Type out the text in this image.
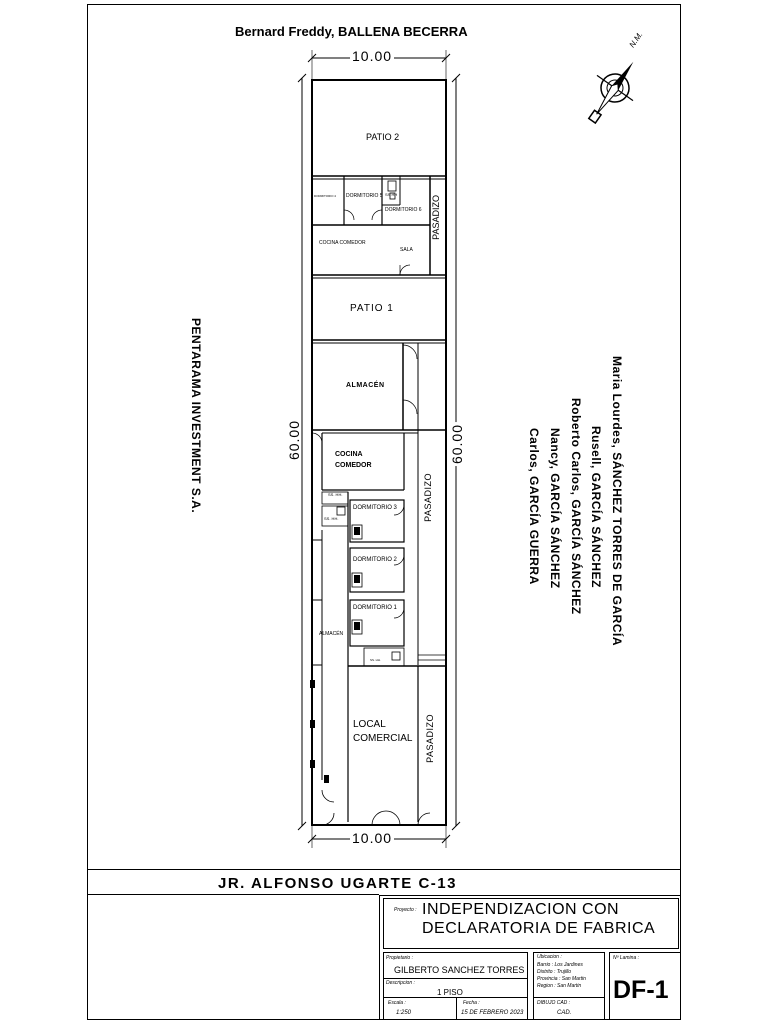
Bernard Freddy, BALLENA BECERRA	N.M.
10.00
10.00
60.00	60.00
PATIO 2
DORMITORIO 4 DORMITORIO 5 SS HH
DORMITORIO 6 PASADIZO
COCINA COMEDOR
SALA
PATIO 1
ALMACÉN
COCINA
COMEDOR
SS. HH.
SS. HH.
DORMITORIO 3
DORMITORIO 2
DORMITORIO 1
ALMACÉN
SS. HH.
PASADIZO
LOCAL
COMERCIAL PASADIZO
PENTARAMA INVESTMENT S.A.	Maria Lourdes, SÁNCHEZ TORRES DE GARCÍA
Rusell, GARCÍA SÁNCHEZ
Roberto Carlos, GARCÍA SÁNCHEZ
Nancy, GARCÍA SÁNCHEZ
Carlos, GARCÍA GUERRA
JR. ALFONSO UGARTE C-13
Proyecto : INDEPENDIZACION CON
DECLARATORIA DE FABRICA
Propietario :
GILBERTO SANCHEZ TORRES
Descripcion :
1 PISO
Escala :
1:250
Fecha :
15 DE FEBRERO 2023
Ubicacion :
Barrio : Los Jardines
Distrito : Trujillo
Provincia : San Martin
Region : San Martin
DIBUJO CAD :
CAD.
Nº Lamina :
DF-1
